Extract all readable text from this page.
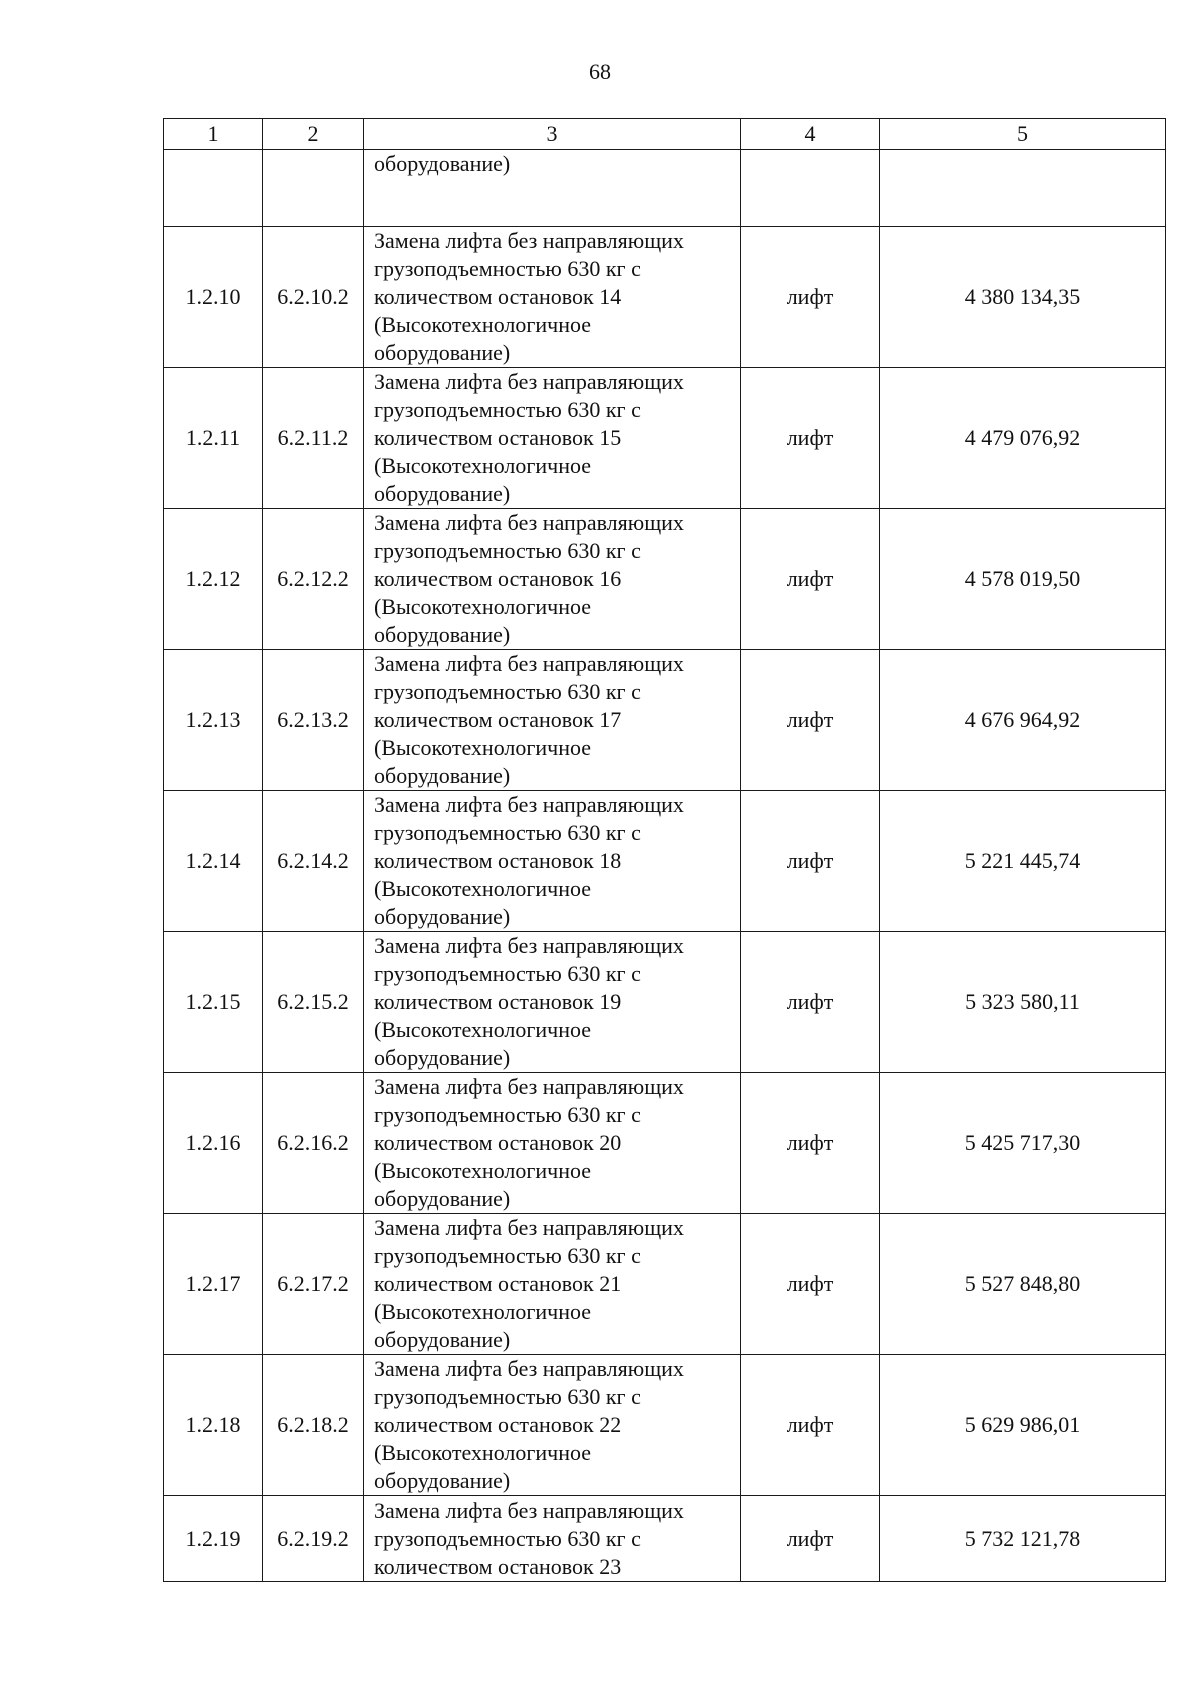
68
1	2	3	4	5
		оборудование)		
1.2.10	6.2.10.2	Замена лифта без направляющих
грузоподъемностью 630 кг с
количеством остановок 14
(Высокотехнологичное
оборудование)	лифт	4 380 134,35
1.2.11	6.2.11.2	Замена лифта без направляющих
грузоподъемностью 630 кг с
количеством остановок 15
(Высокотехнологичное
оборудование)	лифт	4 479 076,92
1.2.12	6.2.12.2	Замена лифта без направляющих
грузоподъемностью 630 кг с
количеством остановок 16
(Высокотехнологичное
оборудование)	лифт	4 578 019,50
1.2.13	6.2.13.2	Замена лифта без направляющих
грузоподъемностью 630 кг с
количеством остановок 17
(Высокотехнологичное
оборудование)	лифт	4 676 964,92
1.2.14	6.2.14.2	Замена лифта без направляющих
грузоподъемностью 630 кг с
количеством остановок 18
(Высокотехнологичное
оборудование)	лифт	5 221 445,74
1.2.15	6.2.15.2	Замена лифта без направляющих
грузоподъемностью 630 кг с
количеством остановок 19
(Высокотехнологичное
оборудование)	лифт	5 323 580,11
1.2.16	6.2.16.2	Замена лифта без направляющих
грузоподъемностью 630 кг с
количеством остановок 20
(Высокотехнологичное
оборудование)	лифт	5 425 717,30
1.2.17	6.2.17.2	Замена лифта без направляющих
грузоподъемностью 630 кг с
количеством остановок 21
(Высокотехнологичное
оборудование)	лифт	5 527 848,80
1.2.18	6.2.18.2	Замена лифта без направляющих
грузоподъемностью 630 кг с
количеством остановок 22
(Высокотехнологичное
оборудование)	лифт	5 629 986,01
1.2.19	6.2.19.2	Замена лифта без направляющих
грузоподъемностью 630 кг с
количеством остановок 23	лифт	5 732 121,78
